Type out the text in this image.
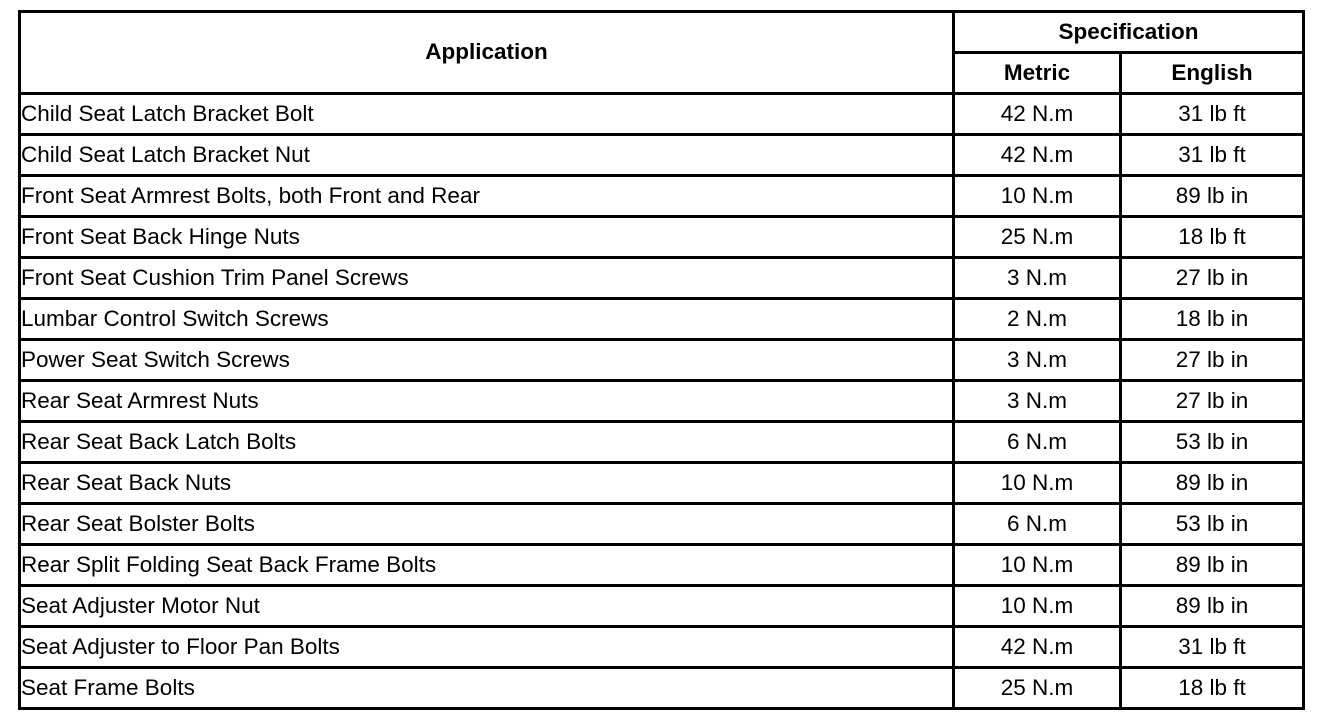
Application	Specification	
	Metric	English
Child Seat Latch Bracket Bolt	42 N.m	31 lb ft
Child Seat Latch Bracket Nut	42 N.m	31 lb ft
Front Seat Armrest Bolts, both Front and Rear	10 N.m	89 lb in
Front Seat Back Hinge Nuts	25 N.m	18 lb ft
Front Seat Cushion Trim Panel Screws	3 N.m	27 lb in
Lumbar Control Switch Screws	2 N.m	18 lb in
Power Seat Switch Screws	3 N.m	27 lb in
Rear Seat Armrest Nuts	3 N.m	27 lb in
Rear Seat Back Latch Bolts	6 N.m	53 lb in
Rear Seat Back Nuts	10 N.m	89 lb in
Rear Seat Bolster Bolts	6 N.m	53 lb in
Rear Split Folding Seat Back Frame Bolts	10 N.m	89 lb in
Seat Adjuster Motor Nut	10 N.m	89 lb in
Seat Adjuster to Floor Pan Bolts	42 N.m	31 lb ft
Seat Frame Bolts	25 N.m	18 lb ft
